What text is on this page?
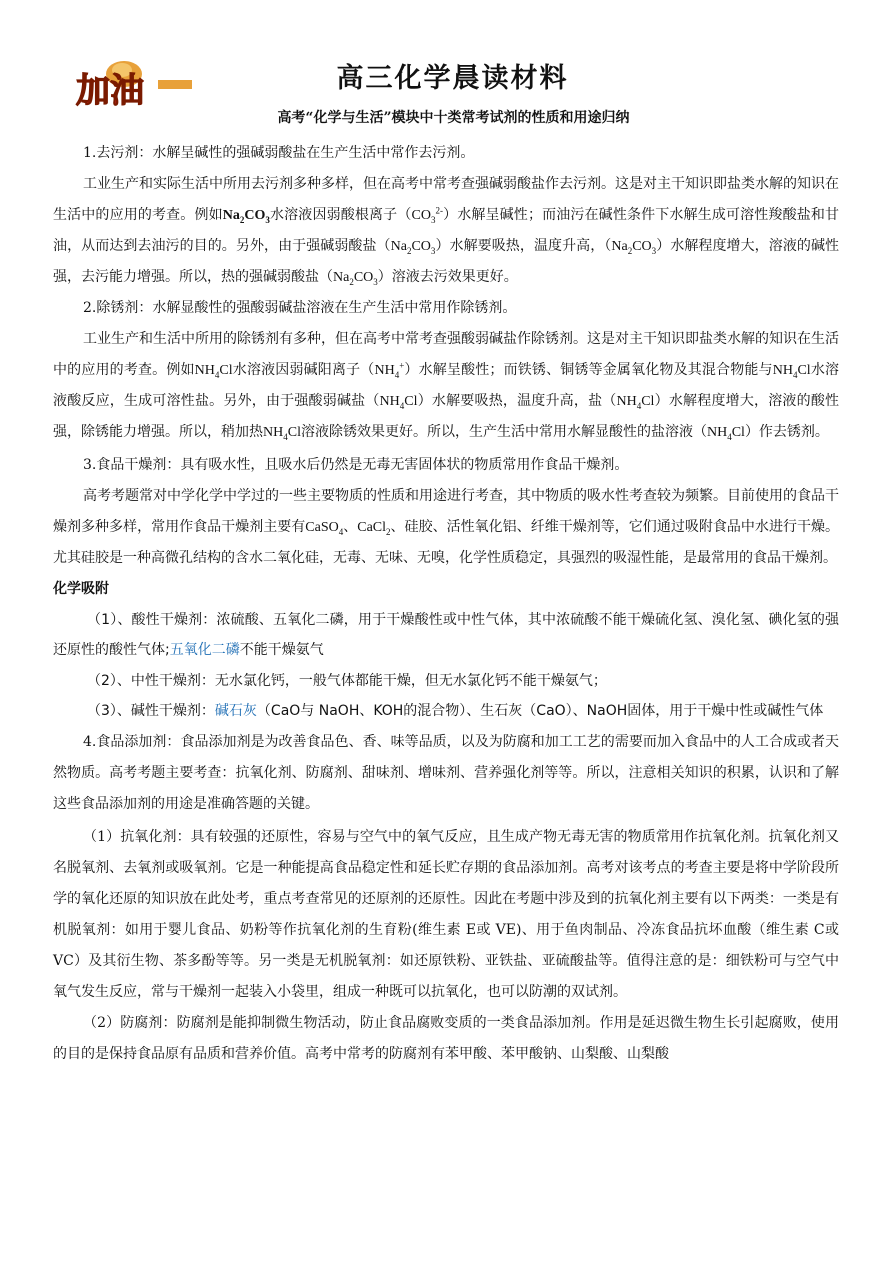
加油	高三化学晨读材料

高考“化学与生活”模块中十类常考试剂的性质和用途归纳

1.去污剂：水解呈碱性的强碱弱酸盐在生产生活中常作去污剂。

工业生产和实际生活中所用去污剂多种多样，但在高考中常考查强碱弱酸盐作去污剂。这是对主干知识即盐类水解的知识在生活中的应用的考查。例如$Na_2CO_3$水溶液因弱酸根离子$(CO_3^{2-})$水解呈碱性；而油污在碱性条件下水解生成可溶性羧酸盐和甘油，从而达到去油污的目的。另外，由于强碱弱酸盐$(Na_2CO_3)$水解要吸热，温度升高，$(Na_2CO_3)$水解程度增大，溶液的碱性强，去污能力增强。所以，热的强碱弱酸盐$(Na_2CO_3)$溶液去污效果更好。

2.除锈剂：水解显酸性的强酸弱碱盐溶液在生产生活中常用作除锈剂。

工业生产和生活中所用的除锈剂有多种，但在高考中常考查强酸弱碱盐作除锈剂。这是对主干知识即盐类水解的知识在生活中的应用的考查。例如$NH_4Cl$水溶液因弱碱阳离子$(NH_4^+)$水解呈酸性；而铁锈、铜锈等金属氧化物及其混合物能与$NH_4Cl$水溶液酸反应，生成可溶性盐。另外，由于强酸弱碱盐$(NH_4Cl)$水解要吸热，温度升高，盐$(NH_4Cl)$水解程度增大，溶液的酸性强，除锈能力增强。所以，稍加热$NH_4Cl$溶液除锈效果更好。所以，生产生活中常用水解显酸性的盐溶液$(NH_4Cl)$作去锈剂。

3.食品干燥剂：具有吸水性，且吸水后仍然是无毒无害固体状的物质常用作食品干燥剂。

高考考题常对中学化学中学过的一些主要物质的性质和用途进行考查，其中物质的吸水性考查较为频繁。目前使用的食品干燥剂多种多样，常用作食品干燥剂主要有CaSO$_4$、CaCl$_2$、硅胶、活性氧化铝、纤维干燥剂等，它们通过吸附食品中水进行干燥。尤其硅胶是一种高微孔结构的含水二氧化硅，无毒、无味、无嗅，化学性质稳定，具强烈的吸湿性能，是最常用的食品干燥剂。

化学吸附

（1）、酸性干燥剂：浓硫酸、五氧化二磷，用于干燥酸性或中性气体，其中浓硫酸不能干燥硫化氢、溴化氢、碘化氢的强还原性的酸性气体;五氧化二磷不能干燥氨气

（2）、中性干燥剂：无水氯化钙，一般气体都能干燥，但无水氯化钙不能干燥氨气；

（3）、碱性干燥剂：碱石灰（CaO与 NaOH、KOH的混合物）、生石灰（CaO）、NaOH固体，用于干燥中性或碱性气体

4.食品添加剂：食品添加剂是为改善食品色、香、味等品质，以及为防腐和加工工艺的需要而加入食品中的人工合成或者天然物质。高考考题主要考查：抗氧化剂、防腐剂、甜味剂、增味剂、营养强化剂等等。所以，注意相关知识的积累，认识和了解这些食品添加剂的用途是准确答题的关键。

（1）抗氧化剂：具有较强的还原性，容易与空气中的氧气反应，且生成产物无毒无害的物质常用作抗氧化剂。抗氧化剂又名脱氧剂、去氧剂或吸氧剂。它是一种能提高食品稳定性和延长贮存期的食品添加剂。高考对该考点的考查主要是将中学阶段所学的氧化还原的知识放在此处考，重点考查常见的还原剂的还原性。因此在考题中涉及到的抗氧化剂主要有以下两类：一类是有机脱氧剂：如用于婴儿食品、奶粉等作抗氧化剂的生育粉(维生素 E或 VE)、用于鱼肉制品、冷冻食品抗坏血酸（维生素 C或 VC）及其衍生物、茶多酚等等。另一类是无机脱氧剂：如还原铁粉、亚铁盐、亚硫酸盐等。值得注意的是：细铁粉可与空气中氧气发生反应，常与干燥剂一起装入小袋里，组成一种既可以抗氧化，也可以防潮的双试剂。

（2）防腐剂：防腐剂是能抑制微生物活动，防止食品腐败变质的一类食品添加剂。作用是延迟微生物生长引起腐败，使用的目的是保持食品原有品质和营养价值。高考中常考的防腐剂有苯甲酸、苯甲酸钠、山梨酸、山梨酸
